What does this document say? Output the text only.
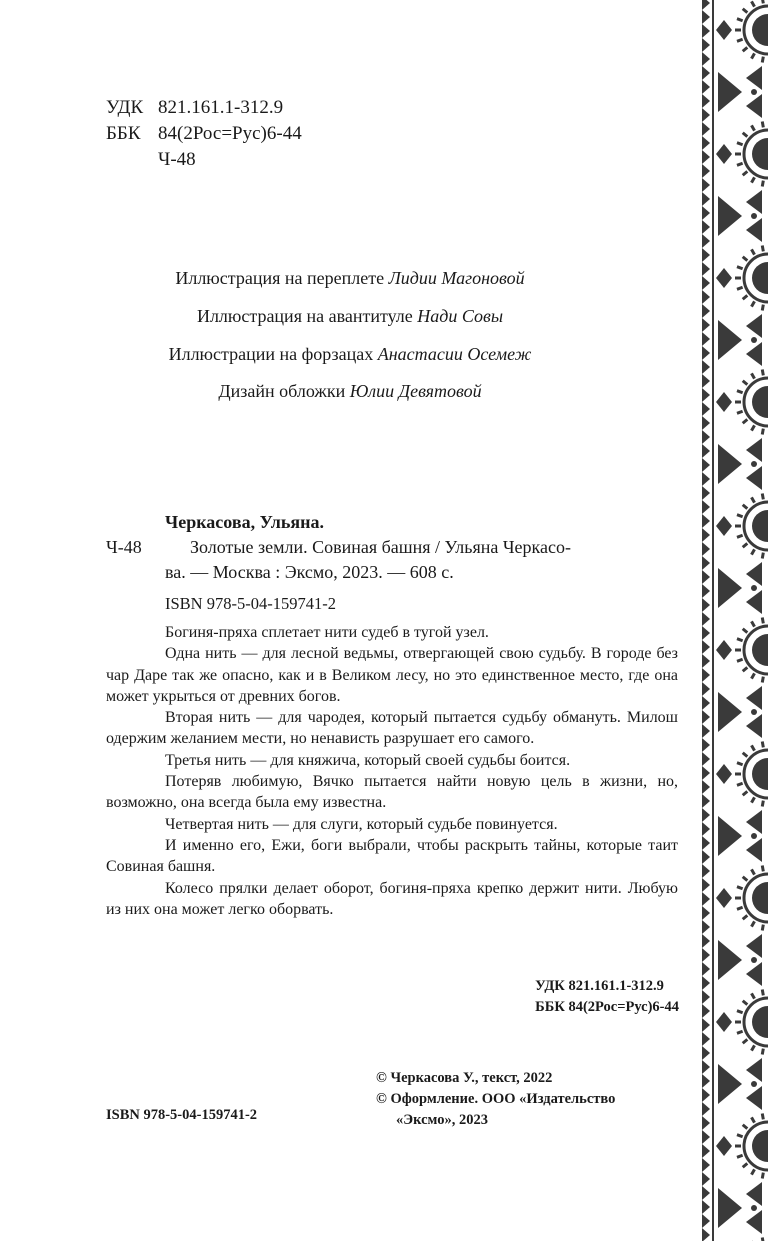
УДК 821.161.1-312.9
ББК 84(2Рос=Рус)6-44
Ч-48
Иллюстрация на переплете Лидии Магоновой
Иллюстрация на авантитуле Нади Совы
Иллюстрации на форзацах Анастасии Осемеж
Дизайн обложки Юлии Девятовой
Черкасова, Ульяна.
Ч-48	Золотые земли. Совиная башня / Ульяна Черкасо-
ва. — Москва : Эксмо, 2023. — 608 с.
ISBN 978-5-04-159741-2

Богиня-пряха сплетает нити судеб в тугой узел.

Одна нить — для лесной ведьмы, отвергающей свою судьбу. В городе без чар Даре так же опасно, как и в Великом лесу, но это единственное место, где она может укрыться от древних богов.

Вторая нить — для чародея, который пытается судьбу обмануть. Милош одержим желанием мести, но ненависть разрушает его самого.

Третья нить — для княжича, который своей судьбы боится.

Потеряв любимую, Вячко пытается найти новую цель в жизни, но, возможно, она всегда была ему известна.

Четвертая нить — для слуги, который судьбе повинуется.

И именно его, Ежи, боги выбрали, чтобы раскрыть тайны, которые таит Совиная башня.

Колесо прялки делает оборот, богиня-пряха крепко держит нити. Любую из них она может легко оборвать.

УДК 821.161.1-312.9
ББК 84(2Рос=Рус)6-44
© Черкасова У., текст, 2022
© Оформление. ООО «Издательство
«Эксмо», 2023
ISBN 978-5-04-159741-2
